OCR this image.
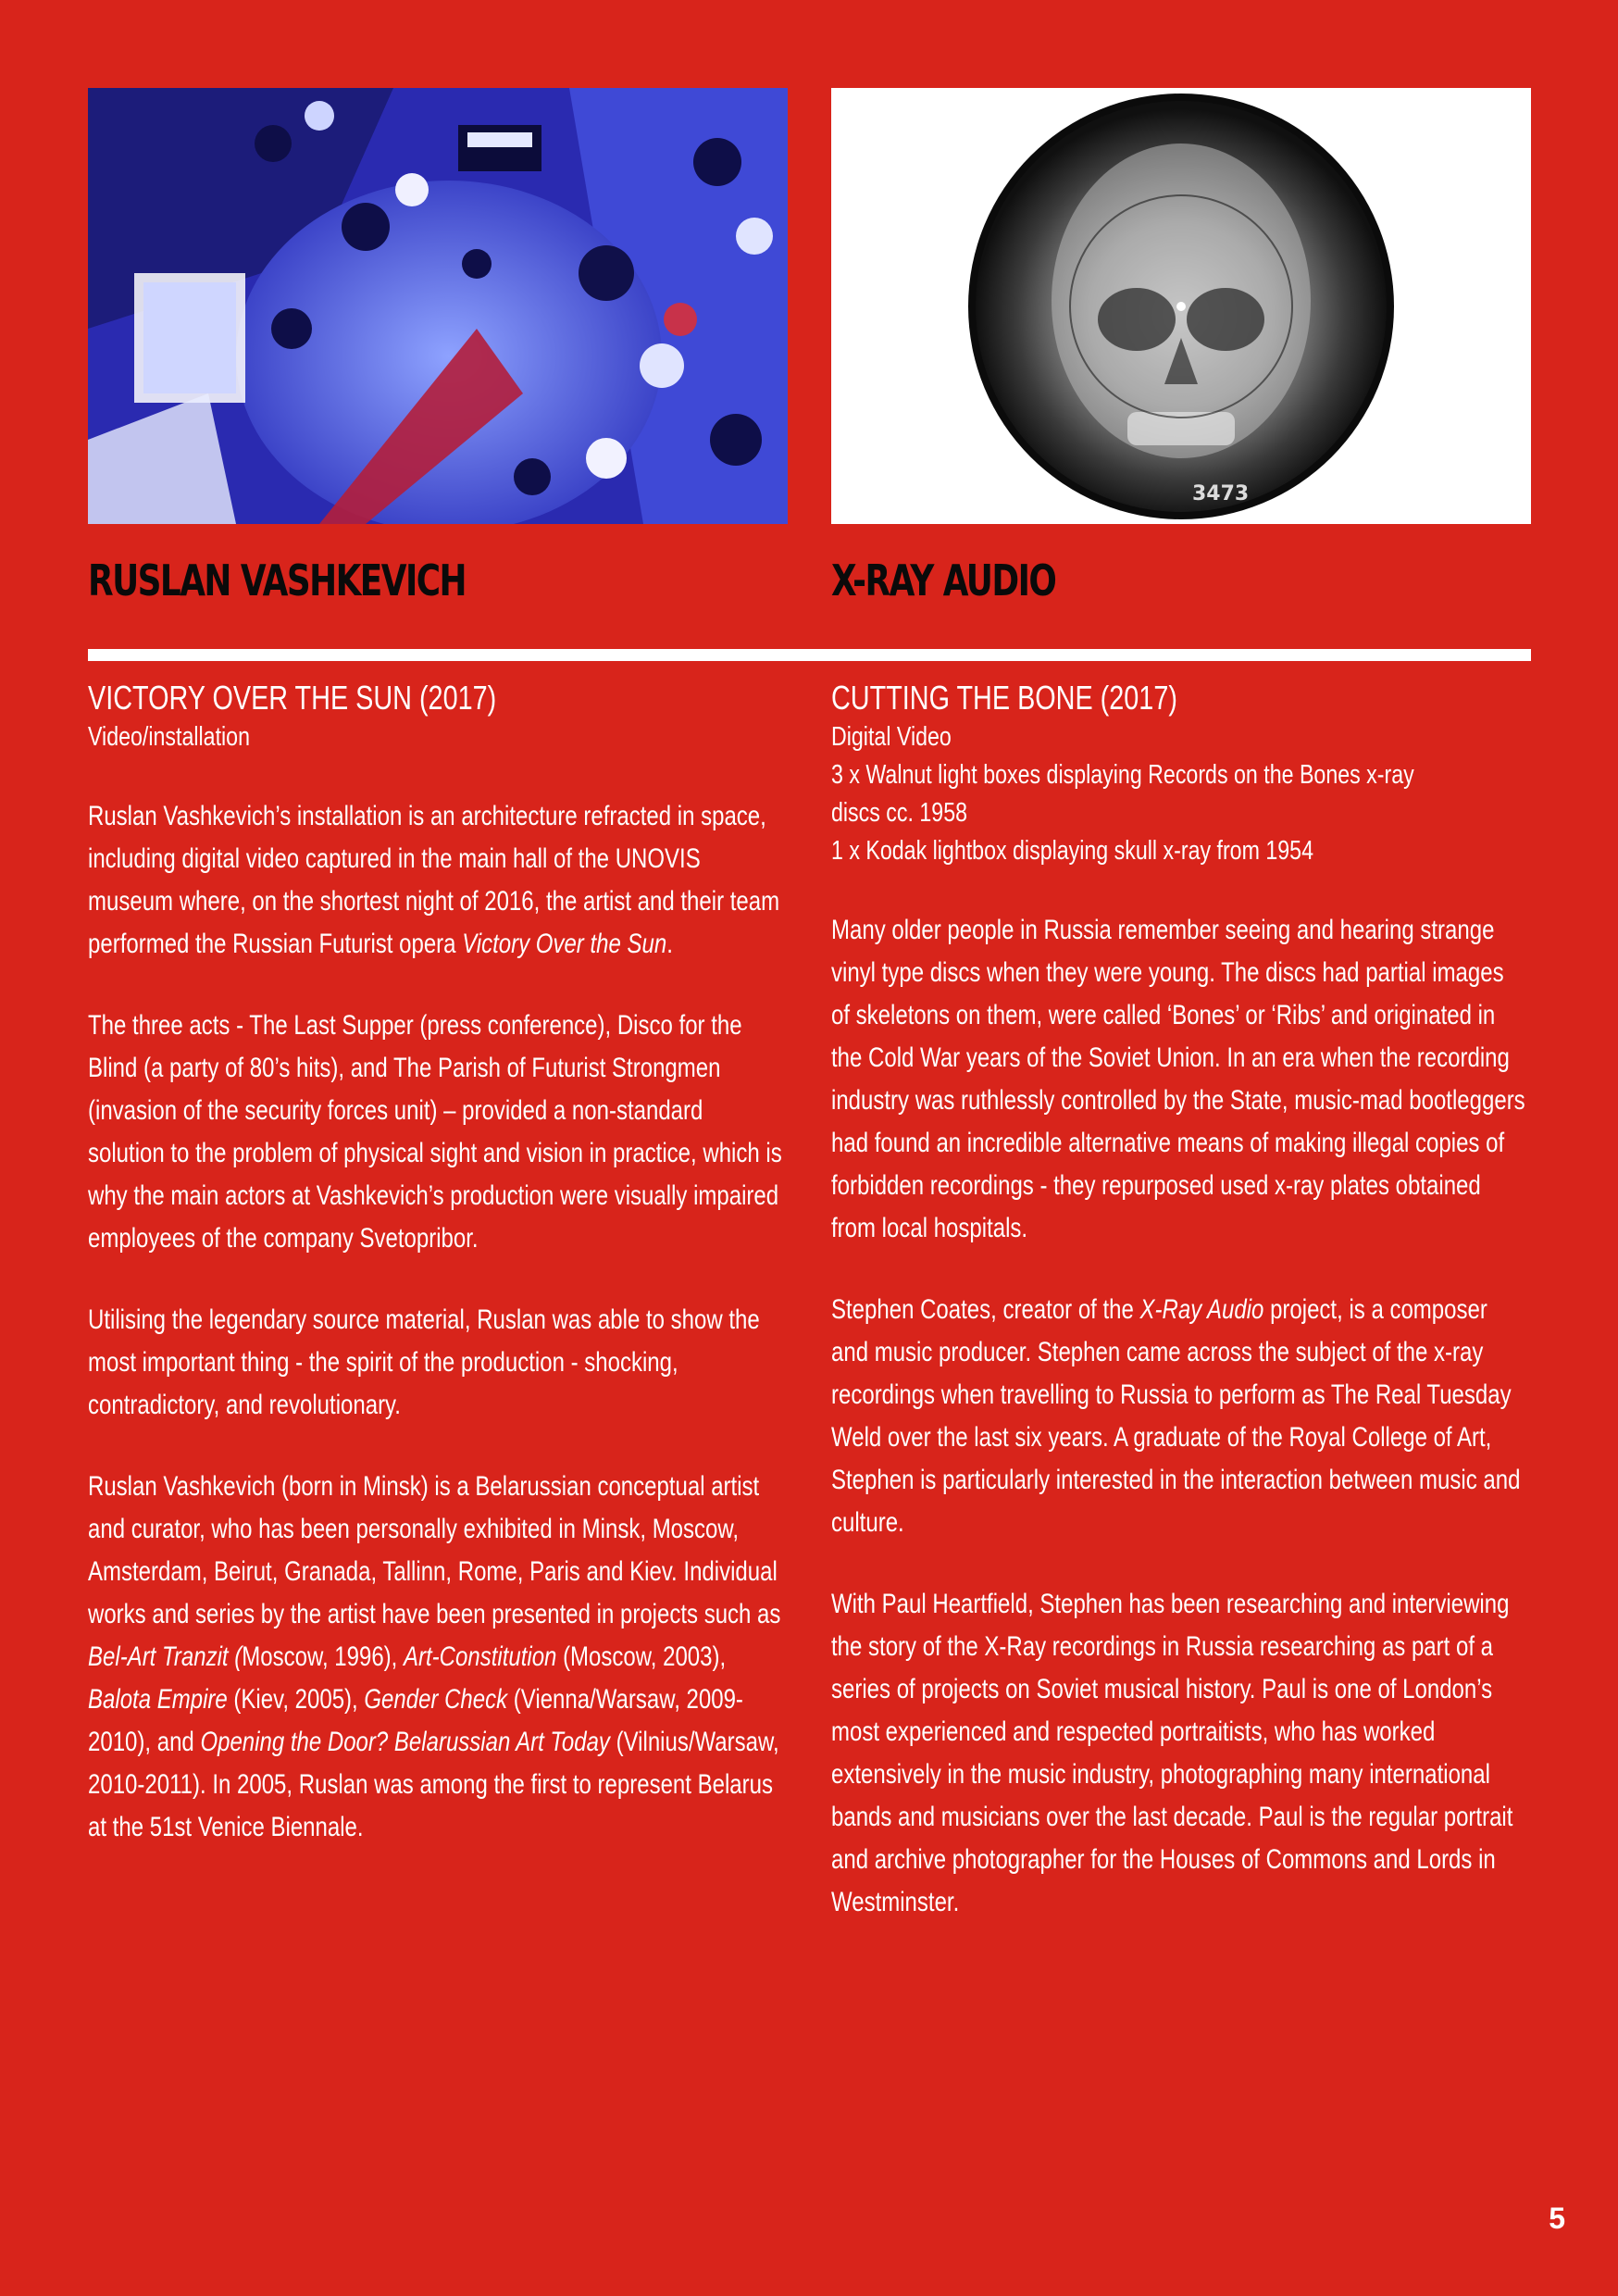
3473
RUSLAN VASHKEVICH	X-RAY AUDIO

VICTORY OVER THE SUN (2017)

Video/installation

Ruslan Vashkevich’s installation is an architecture refracted in space, including digital video captured in the main hall of the UNOVIS museum where, on the shortest night of 2016, the artist and their team performed the Russian Futurist opera Victory Over the Sun.

The three acts - The Last Supper (press conference), Disco for the Blind (a party of 80’s hits), and The Parish of Futurist Strongmen (invasion of the security forces unit) – provided a non-standard solution to the problem of physical sight and vision in practice, which is why the main actors at Vashkevich’s production were visually impaired employees of the company Svetopribor.

Utilising the legendary source material, Ruslan was able to show the most important thing - the spirit of the production - shocking, contradictory, and revolutionary.

Ruslan Vashkevich (born in Minsk) is a Belarussian conceptual artist and curator, who has been personally exhibited in Minsk, Moscow, Amsterdam, Beirut, Granada, Tallinn, Rome, Paris and Kiev. Individual works and series by the artist have been presented in projects such as Bel-Art Tranzit (Moscow, 1996), Art-Constitution (Moscow, 2003), Balota Empire (Kiev, 2005), Gender Check (Vienna/Warsaw, 2009-2010), and Opening the Door? Belarussian Art Today (Vilnius/Warsaw, 2010-2011). In 2005, Ruslan was among the first to represent Belarus at the 51st Venice Biennale.

CUTTING THE BONE (2017)

Digital Video

3 x Walnut light boxes displaying Records on the Bones x-ray

discs cc. 1958

1 x Kodak lightbox displaying skull x-ray from 1954

Many older people in Russia remember seeing and hearing strange vinyl type discs when they were young. The discs had partial images of skeletons on them, were called ‘Bones’ or ‘Ribs’ and originated in the Cold War years of the Soviet Union. In an era when the recording industry was ruthlessly controlled by the State, music-mad bootleggers had found an incredible alternative means of making illegal copies of forbidden recordings - they repurposed used x-ray plates obtained from local hospitals.

Stephen Coates, creator of the X-Ray Audio project, is a composer and music producer. Stephen came across the subject of the x-ray recordings when travelling to Russia to perform as The Real Tuesday Weld over the last six years. A graduate of the Royal College of Art, Stephen is particularly interested in the interaction between music and culture.

With Paul Heartfield, Stephen has been researching and interviewing the story of the X-Ray recordings in Russia researching as part of a series of projects on Soviet musical history. Paul is one of London’s most experienced and respected portraitists, who has worked extensively in the music industry, photographing many international bands and musicians over the last decade. Paul is the regular portrait and archive photographer for the Houses of Commons and Lords in Westminster.

5
